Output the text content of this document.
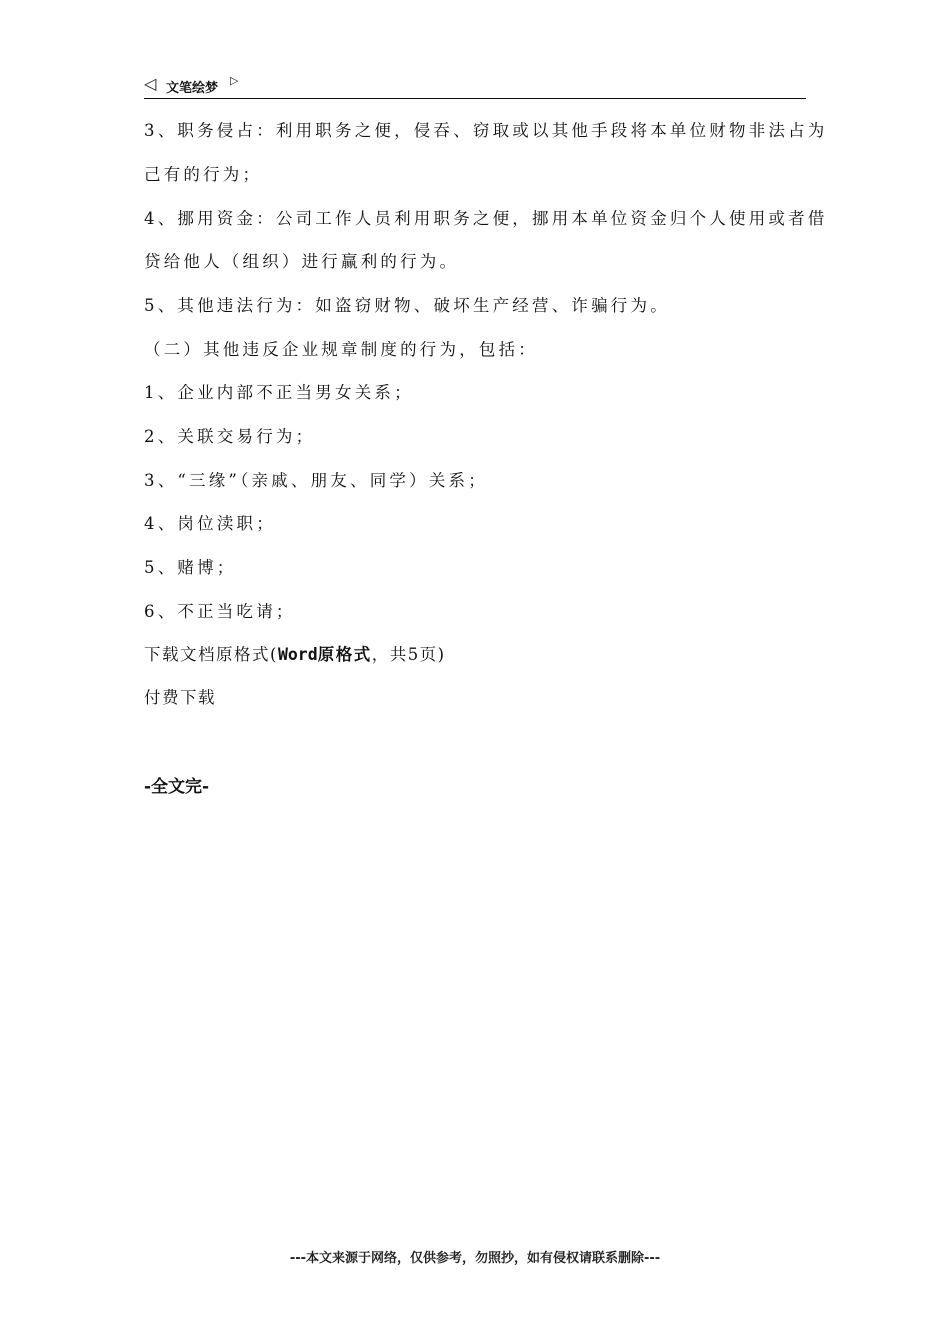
◁ 文笔绘梦
▷
3、职务侵占：利用职务之便，侵吞、窃取或以其他手段将本单位财物非法占为
己有的行为；
4、挪用资金：公司工作人员利用职务之便，挪用本单位资金归个人使用或者借
贷给他人（组织）进行赢利的行为。
5、其他违法行为：如盗窃财物、破坏生产经营、诈骗行为。
（二）其他违反企业规章制度的行为，包括：
1、企业内部不正当男女关系；
2、关联交易行为；
3、“三缘”（亲戚、朋友、同学）关系；
4、岗位渎职；
5、赌博；
6、不正当吃请；
下载文档原格式(Word原格式，共5页)
付费下载
-全文完-
---本文来源于网络，仅供参考，勿照抄，如有侵权请联系删除---
